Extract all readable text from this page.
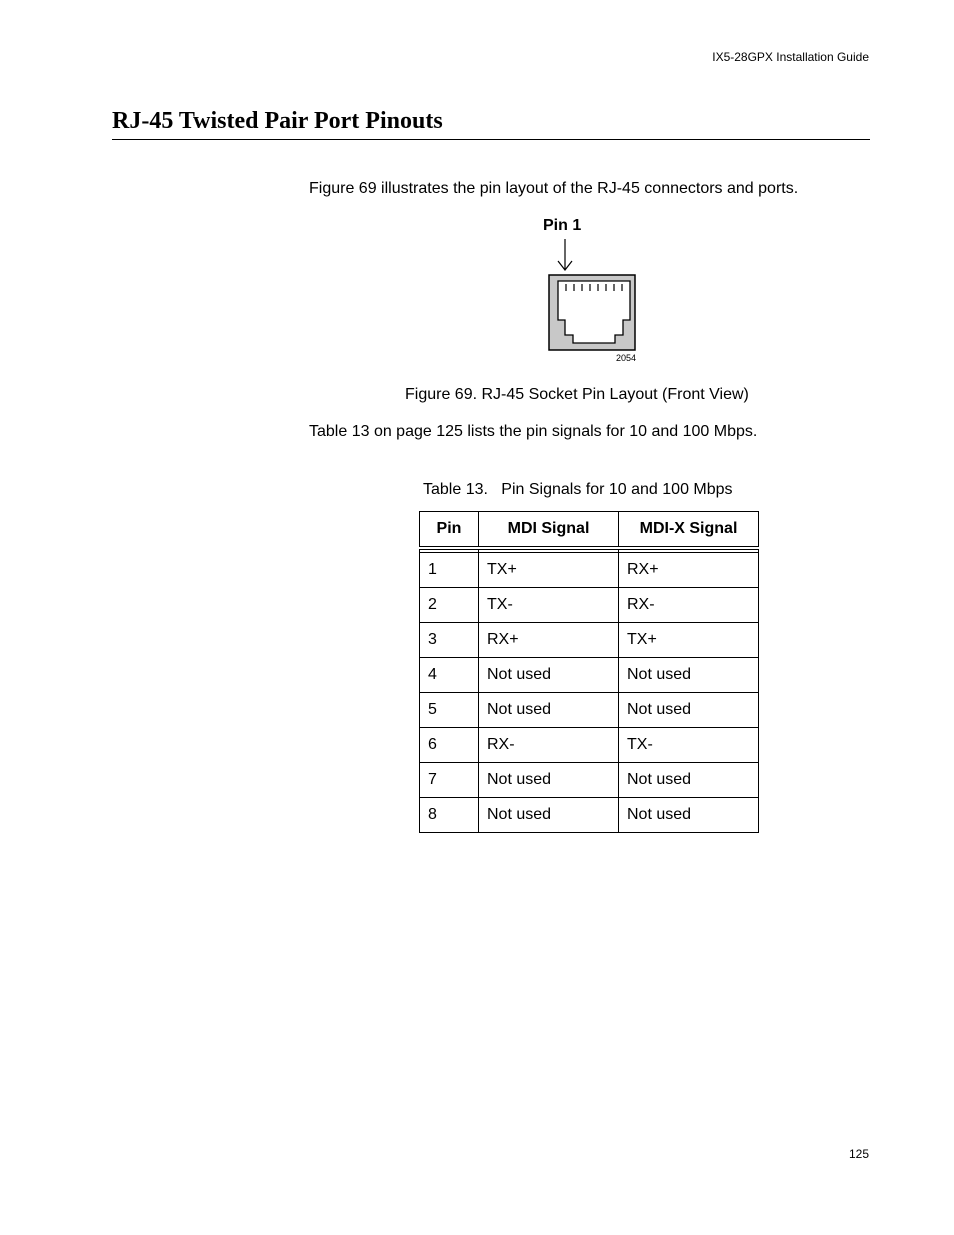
IX5-28GPX Installation Guide
RJ-45 Twisted Pair Port Pinouts

Figure 69 illustrates the pin layout of the RJ-45 connectors and ports.

Pin 1
2054

Figure 69. RJ-45 Socket Pin Layout (Front View)

Table 13 on page 125 lists the pin signals for 10 and 100 Mbps.

Table 13.   Pin Signals for 10 and 100 Mbps

Pin	MDI Signal	MDI-X Signal

1	TX+	RX+
2	TX-	RX-
3	RX+	TX+
4	Not used	Not used
5	Not used	Not used
6	RX-	TX-
7	Not used	Not used
8	Not used	Not used
125
